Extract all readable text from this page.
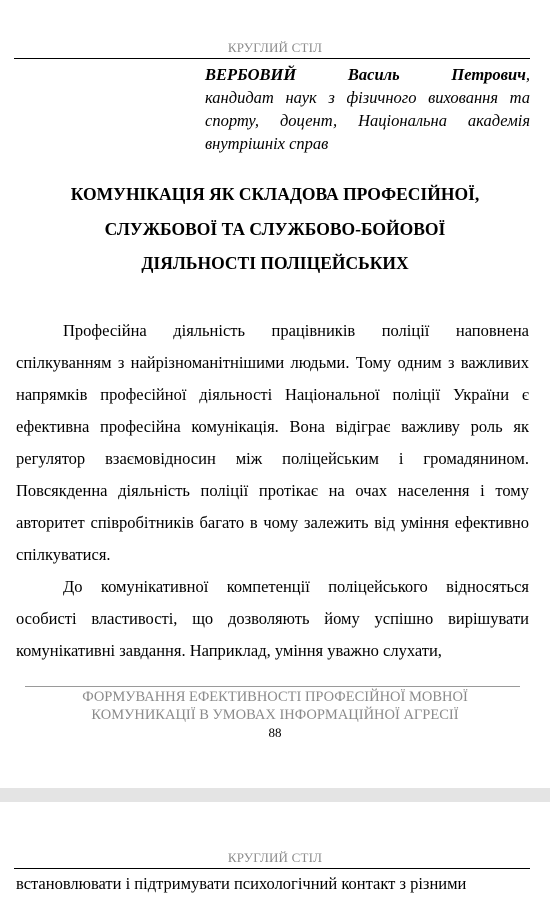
КРУГЛИЙ СТІЛ
ВЕРБОВИЙ	Василь	Петрович ,
кандидат наук з фізичного виховання та спорту, доцент, Національна академія внутрішніх справ
КОМУНІКАЦІЯ ЯК СКЛАДОВА ПРОФЕСІЙНОЇ,
СЛУЖБОВОЇ ТА СЛУЖБОВО-БОЙОВОЇ
ДІЯЛЬНОСТІ ПОЛІЦЕЙСЬКИХ

Професійна діяльність працівників поліції наповнена спілкуванням з найрізноманітнішими людьми. Тому одним з важливих напрямків професійної діяльності Національної поліції України є ефективна професійна комунікація. Вона відіграє важливу роль як регулятор взаємовідносин між поліцейським і громадянином. Повсякденна діяльність поліції протікає на очах населення і тому авторитет співробітників багато в чому залежить від уміння ефективно спілкуватися.

До комунікативної компетенції поліцейського відносяться особисті властивості, що дозволяють йому успішно вирішувати комунікативні завдання. Наприклад, уміння уважно слухати,

ФОРМУВАННЯ ЕФЕКТИВНОСТІ ПРОФЕСІЙНОЇ МОВНОЇ
КОМУНИКАЦІЇ В УМОВАХ ІНФОРМАЦІЙНОЇ АГРЕСІЇ
88
КРУГЛИЙ СТІЛ

встановлювати і підтримувати психологічний контакт з різними
